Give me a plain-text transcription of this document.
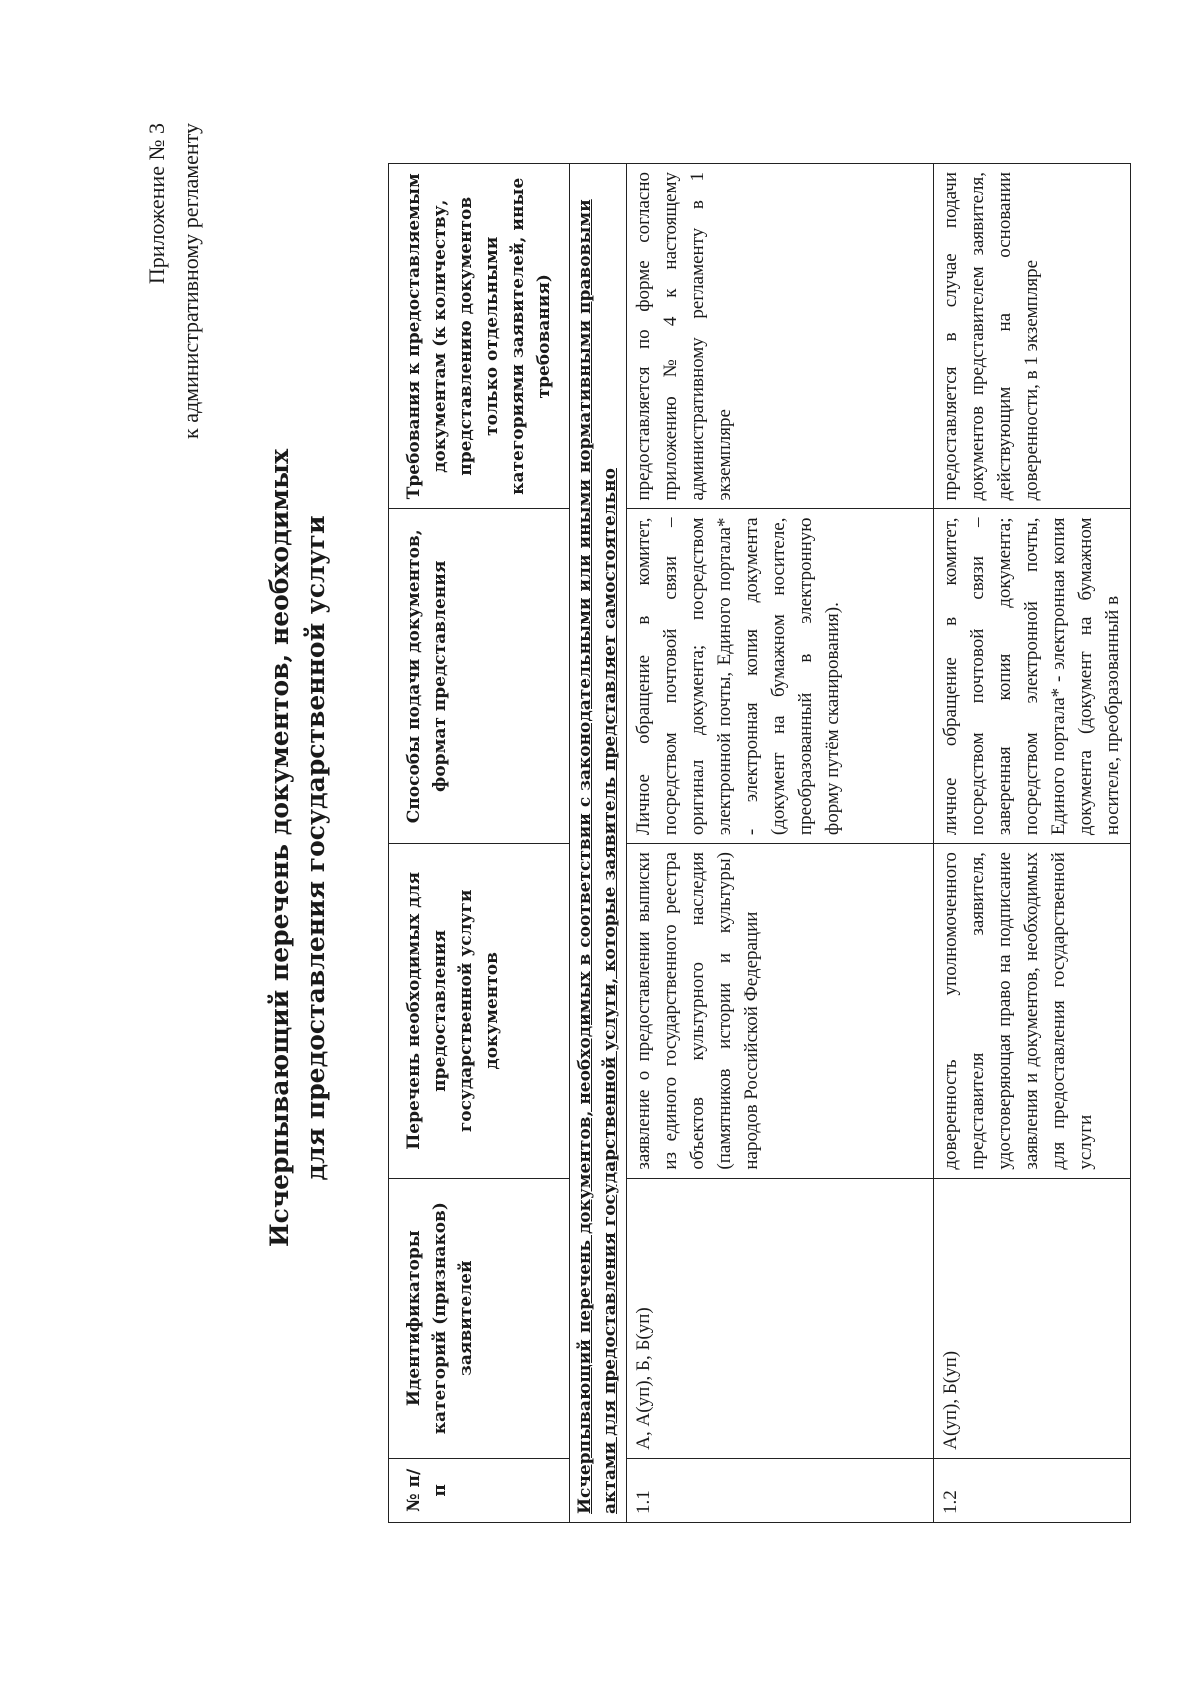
Приложение № 3 к административному регламенту
Исчерпывающий перечень документов, необходимых для предоставления государственной услуги
№ п/п	Идентификаторы категорий (признаков) заявителей	Перечень необходимых для предоставления государственной услуги документов	Способы подачи документов, формат представления	Требования к предоставляемым документам (к количеству, представлению документов только отдельными категориями заявителей, иные требования)
Исчерпывающий перечень документов, необходимых в соответствии с законодательными или иными нормативными правовыми актами для предоставления государственной услуги, которые заявитель представляет самостоятельно				
1.1	А, А(уп), Б, Б(уп)	заявление о предоставлении выписки из единого государственного реестра объектов культурного наследия (памятников истории и культуры) народов Российской Федерации	Личное обращение в комитет, посредством почтовой связи – оригинал документа; посредством электронной почты, Единого портала* - электронная копия документа (документ на бумажном носителе, преобразованный в электронную форму путём сканирования).	предоставляется по форме согласно приложению № 4 к настоящему административному регламенту в 1 экземпляре
1.2	А(уп), Б(уп)	доверенность уполномоченного представителя заявителя, удостоверяющая право на подписание заявления и документов, необходимых для предоставления государственной услуги	личное обращение в комитет, посредством почтовой связи – заверенная копия документа; посредством электронной почты, Единого портала* - электронная копия документа (документ на бумажном носителе, преобразованный в	предоставляется в случае подачи документов представителем заявителя, действующим на основании доверенности, в 1 экземпляре
